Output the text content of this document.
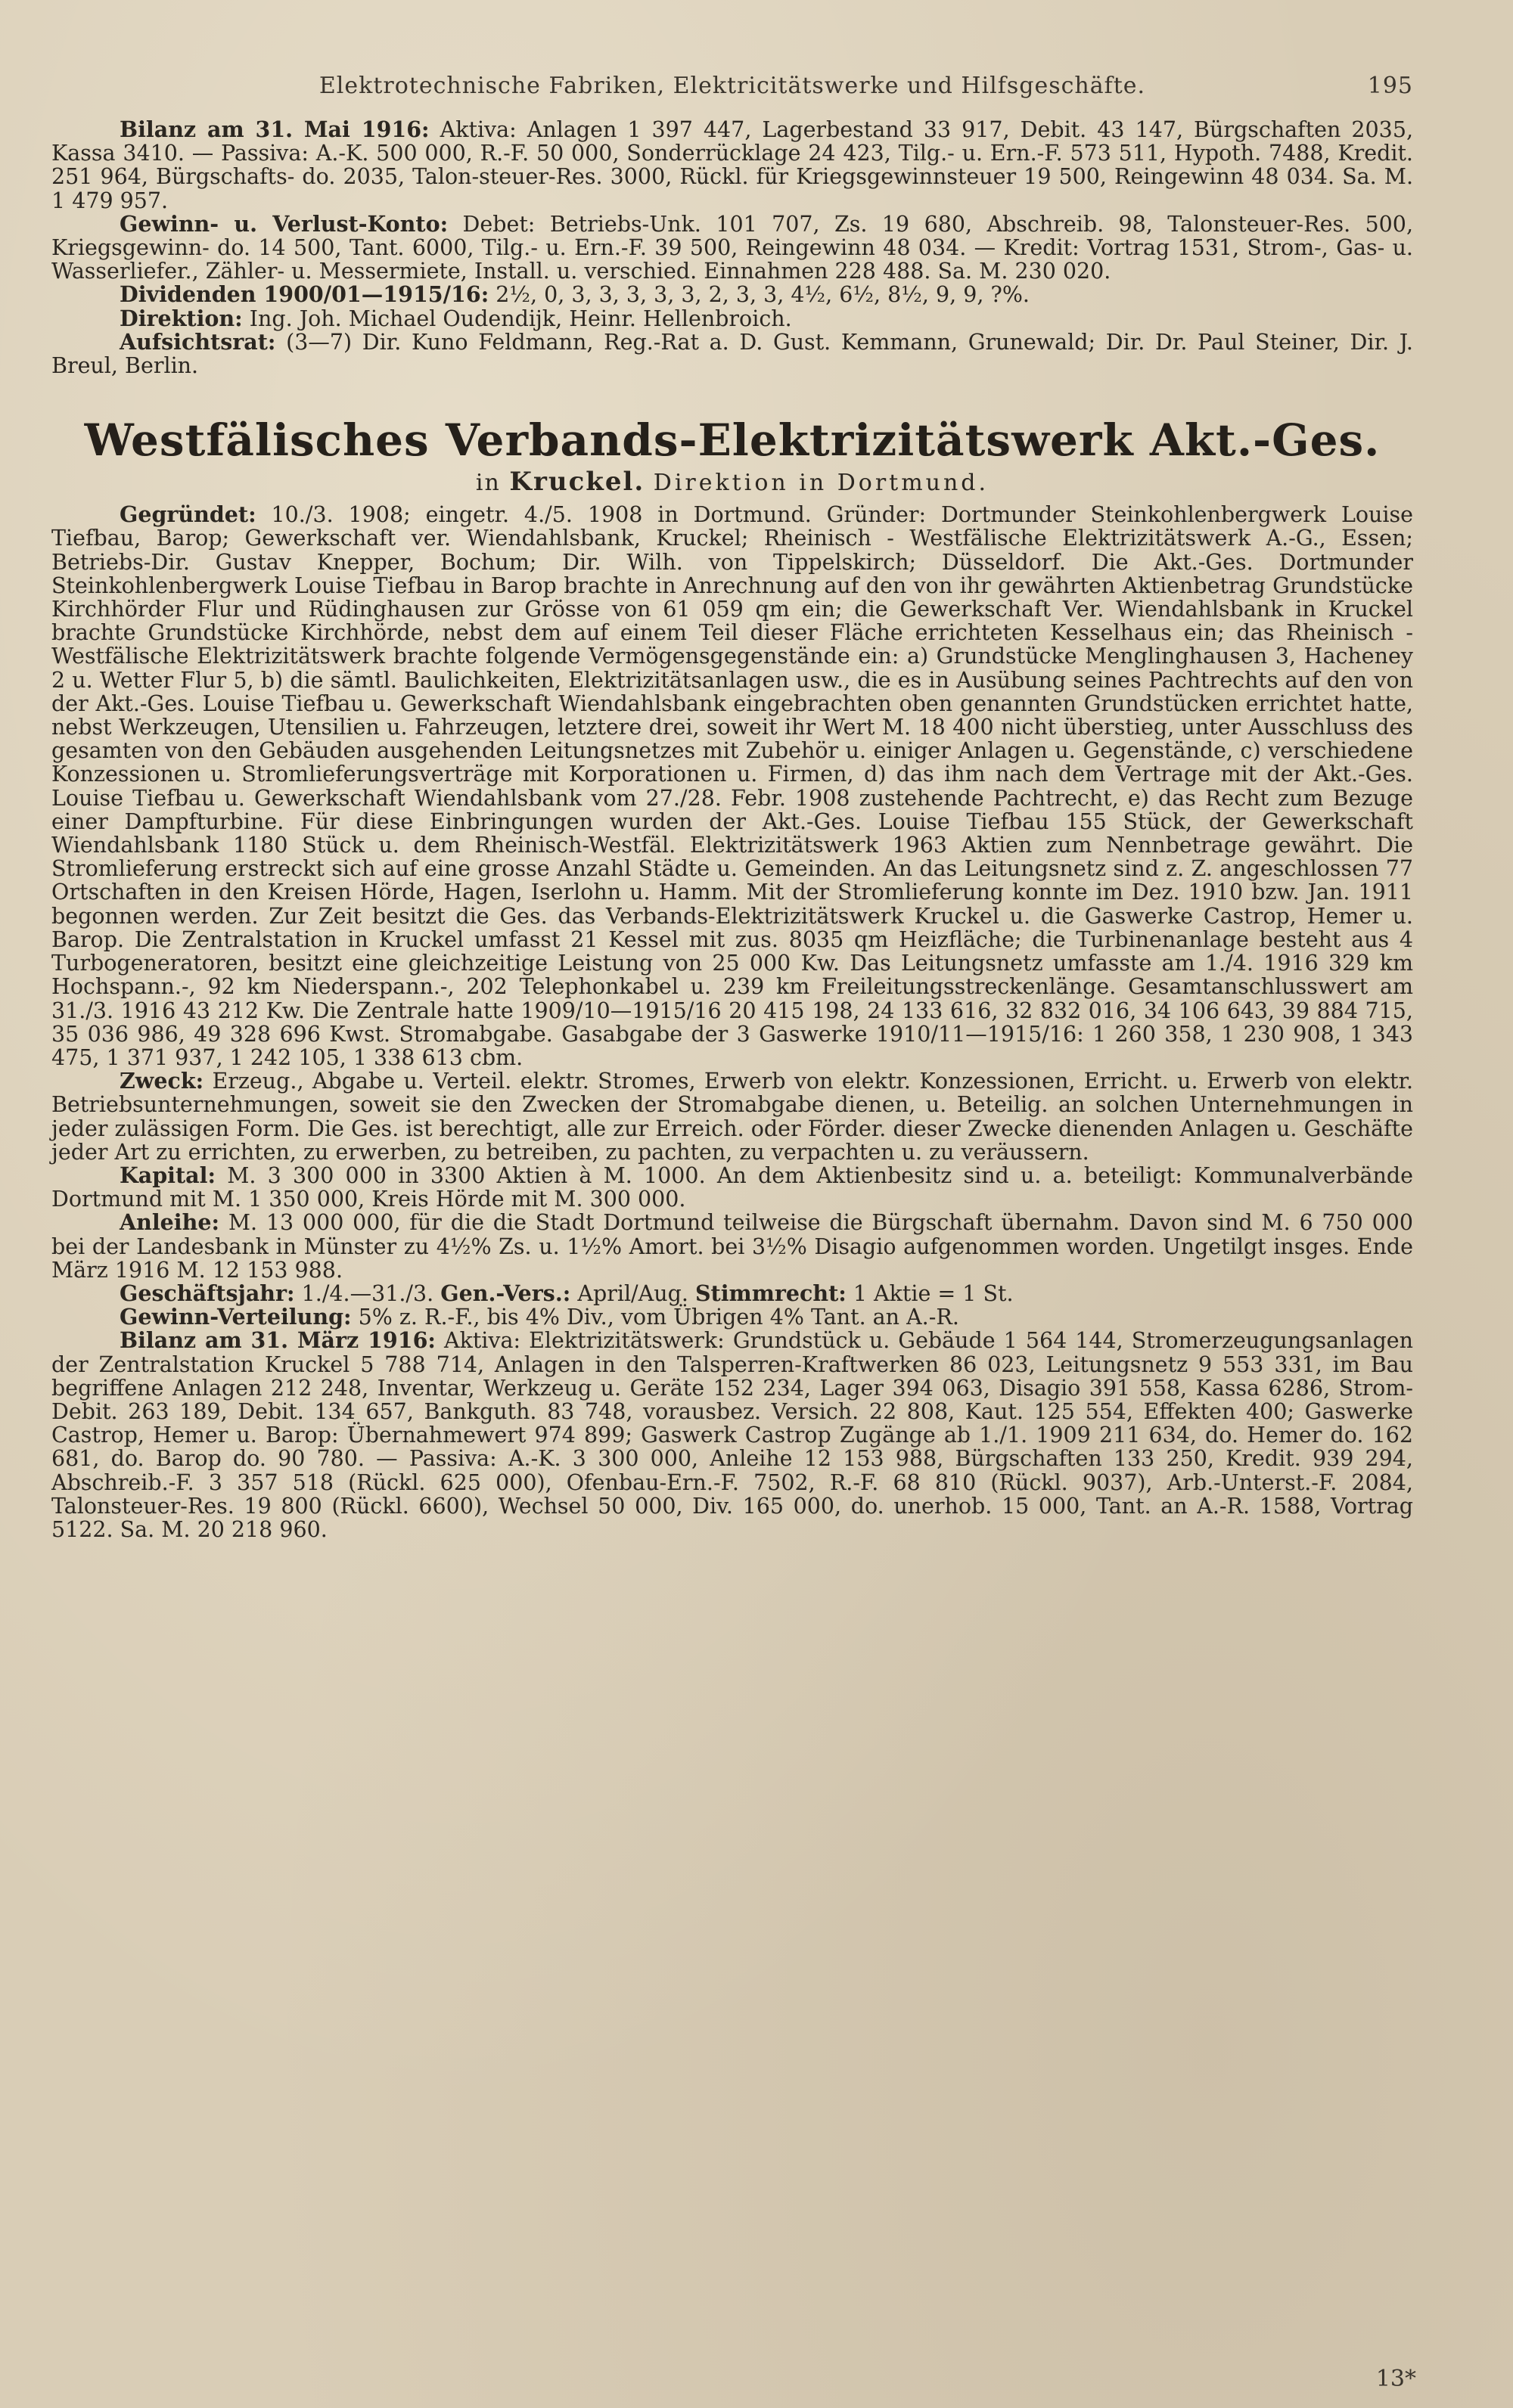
Elektrotechnische Fabriken, Elektricitätswerke und Hilfsgeschäfte.	195

Bilanz am 31. Mai 1916: Aktiva: Anlagen 1 397 447, Lagerbestand 33 917, Debit. 43 147, Bürgschaften 2035, Kassa 3410. — Passiva: A.-K. 500 000, R.-F. 50 000, Sonderrücklage 24 423, Tilg.- u. Ern.-F. 573 511, Hypoth. 7488, Kredit. 251 964, Bürgschafts- do. 2035, Talon-steuer-Res. 3000, Rückl. für Kriegsgewinnsteuer 19 500, Reingewinn 48 034. Sa. M. 1 479 957.

Gewinn- u. Verlust-Konto: Debet: Betriebs-Unk. 101 707, Zs. 19 680, Abschreib. 98, Talonsteuer-Res. 500, Kriegsgewinn- do. 14 500, Tant. 6000, Tilg.- u. Ern.-F. 39 500, Reingewinn 48 034. — Kredit: Vortrag 1531, Strom-, Gas- u. Wasserliefer., Zähler- u. Messermiete, Install. u. verschied. Einnahmen 228 488. Sa. M. 230 020.

Dividenden 1900/01—1915/16: 2½, 0, 3, 3, 3, 3, 3, 2, 3, 3, 4½, 6½, 8½, 9, 9, ?%.

Direktion: Ing. Joh. Michael Oudendijk, Heinr. Hellenbroich.

Aufsichtsrat: (3—7) Dir. Kuno Feldmann, Reg.-Rat a. D. Gust. Kemmann, Grunewald; Dir. Dr. Paul Steiner, Dir. J. Breul, Berlin.

Westfälisches Verbands-Elektrizitätswerk Akt.-Ges.
in Kruckel. Direktion in Dortmund.

Gegründet: 10./3. 1908; eingetr. 4./5. 1908 in Dortmund. Gründer: Dortmunder Steinkohlenbergwerk Louise Tiefbau, Barop; Gewerkschaft ver. Wiendahlsbank, Kruckel; Rheinisch - Westfälische Elektrizitätswerk A.-G., Essen; Betriebs-Dir. Gustav Knepper, Bochum; Dir. Wilh. von Tippelskirch; Düsseldorf. Die Akt.-Ges. Dortmunder Steinkohlenbergwerk Louise Tiefbau in Barop brachte in Anrechnung auf den von ihr gewährten Aktienbetrag Grundstücke Kirchhörder Flur und Rüdinghausen zur Grösse von 61 059 qm ein; die Gewerkschaft Ver. Wiendahlsbank in Kruckel brachte Grundstücke Kirchhörde, nebst dem auf einem Teil dieser Fläche errichteten Kesselhaus ein; das Rheinisch - Westfälische Elektrizitätswerk brachte folgende Vermögensgegenstände ein: a) Grundstücke Menglinghausen 3, Hacheney 2 u. Wetter Flur 5, b) die sämtl. Baulichkeiten, Elektrizitätsanlagen usw., die es in Ausübung seines Pachtrechts auf den von der Akt.-Ges. Louise Tiefbau u. Gewerkschaft Wiendahlsbank eingebrachten oben genannten Grundstücken errichtet hatte, nebst Werkzeugen, Utensilien u. Fahrzeugen, letztere drei, soweit ihr Wert M. 18 400 nicht überstieg, unter Ausschluss des gesamten von den Gebäuden ausgehenden Leitungsnetzes mit Zubehör u. einiger Anlagen u. Gegenstände, c) verschiedene Konzessionen u. Stromlieferungsverträge mit Korporationen u. Firmen, d) das ihm nach dem Vertrage mit der Akt.-Ges. Louise Tiefbau u. Gewerkschaft Wiendahlsbank vom 27./28. Febr. 1908 zustehende Pachtrecht, e) das Recht zum Bezuge einer Dampfturbine. Für diese Einbringungen wurden der Akt.-Ges. Louise Tiefbau 155 Stück, der Gewerkschaft Wiendahlsbank 1180 Stück u. dem Rheinisch-Westfäl. Elektrizitätswerk 1963 Aktien zum Nennbetrage gewährt. Die Stromlieferung erstreckt sich auf eine grosse Anzahl Städte u. Gemeinden. An das Leitungsnetz sind z. Z. angeschlossen 77 Ortschaften in den Kreisen Hörde, Hagen, Iserlohn u. Hamm. Mit der Stromlieferung konnte im Dez. 1910 bzw. Jan. 1911 begonnen werden. Zur Zeit besitzt die Ges. das Verbands-Elektrizitätswerk Kruckel u. die Gaswerke Castrop, Hemer u. Barop. Die Zentralstation in Kruckel umfasst 21 Kessel mit zus. 8035 qm Heizfläche; die Turbinenanlage besteht aus 4 Turbogeneratoren, besitzt eine gleichzeitige Leistung von 25 000 Kw. Das Leitungsnetz umfasste am 1./4. 1916 329 km Hochspann.-, 92 km Niederspann.-, 202 Telephonkabel u. 239 km Freileitungsstreckenlänge. Gesamtanschlusswert am 31./3. 1916 43 212 Kw. Die Zentrale hatte 1909/10—1915/16 20 415 198, 24 133 616, 32 832 016, 34 106 643, 39 884 715, 35 036 986, 49 328 696 Kwst. Stromabgabe. Gasabgabe der 3 Gaswerke 1910/11—1915/16: 1 260 358, 1 230 908, 1 343 475, 1 371 937, 1 242 105, 1 338 613 cbm.

Zweck: Erzeug., Abgabe u. Verteil. elektr. Stromes, Erwerb von elektr. Konzessionen, Erricht. u. Erwerb von elektr. Betriebsunternehmungen, soweit sie den Zwecken der Stromabgabe dienen, u. Beteilig. an solchen Unternehmungen in jeder zulässigen Form. Die Ges. ist berechtigt, alle zur Erreich. oder Förder. dieser Zwecke dienenden Anlagen u. Geschäfte jeder Art zu errichten, zu erwerben, zu betreiben, zu pachten, zu verpachten u. zu veräussern.

Kapital: M. 3 300 000 in 3300 Aktien à M. 1000. An dem Aktienbesitz sind u. a. beteiligt: Kommunalverbände Dortmund mit M. 1 350 000, Kreis Hörde mit M. 300 000.

Anleihe: M. 13 000 000, für die die Stadt Dortmund teilweise die Bürgschaft übernahm. Davon sind M. 6 750 000 bei der Landesbank in Münster zu 4½% Zs. u. 1½% Amort. bei 3½% Disagio aufgenommen worden. Ungetilgt insges. Ende März 1916 M. 12 153 988.

Geschäftsjahr: 1./4.—31./3. Gen.-Vers.: April/Aug. Stimmrecht: 1 Aktie = 1 St.

Gewinn-Verteilung: 5% z. R.-F., bis 4% Div., vom Übrigen 4% Tant. an A.-R.

Bilanz am 31. März 1916: Aktiva: Elektrizitätswerk: Grundstück u. Gebäude 1 564 144, Stromerzeugungsanlagen der Zentralstation Kruckel 5 788 714, Anlagen in den Talsperren-Kraftwerken 86 023, Leitungsnetz 9 553 331, im Bau begriffene Anlagen 212 248, Inventar, Werkzeug u. Geräte 152 234, Lager 394 063, Disagio 391 558, Kassa 6286, Strom-Debit. 263 189, Debit. 134 657, Bankguth. 83 748, vorausbez. Versich. 22 808, Kaut. 125 554, Effekten 400; Gaswerke Castrop, Hemer u. Barop: Übernahmewert 974 899; Gaswerk Castrop Zugänge ab 1./1. 1909 211 634, do. Hemer do. 162 681, do. Barop do. 90 780. — Passiva: A.-K. 3 300 000, Anleihe 12 153 988, Bürgschaften 133 250, Kredit. 939 294, Abschreib.-F. 3 357 518 (Rückl. 625 000), Ofenbau-Ern.-F. 7502, R.-F. 68 810 (Rückl. 9037), Arb.-Unterst.-F. 2084, Talonsteuer-Res. 19 800 (Rückl. 6600), Wechsel 50 000, Div. 165 000, do. unerhob. 15 000, Tant. an A.-R. 1588, Vortrag 5122. Sa. M. 20 218 960.

13*
